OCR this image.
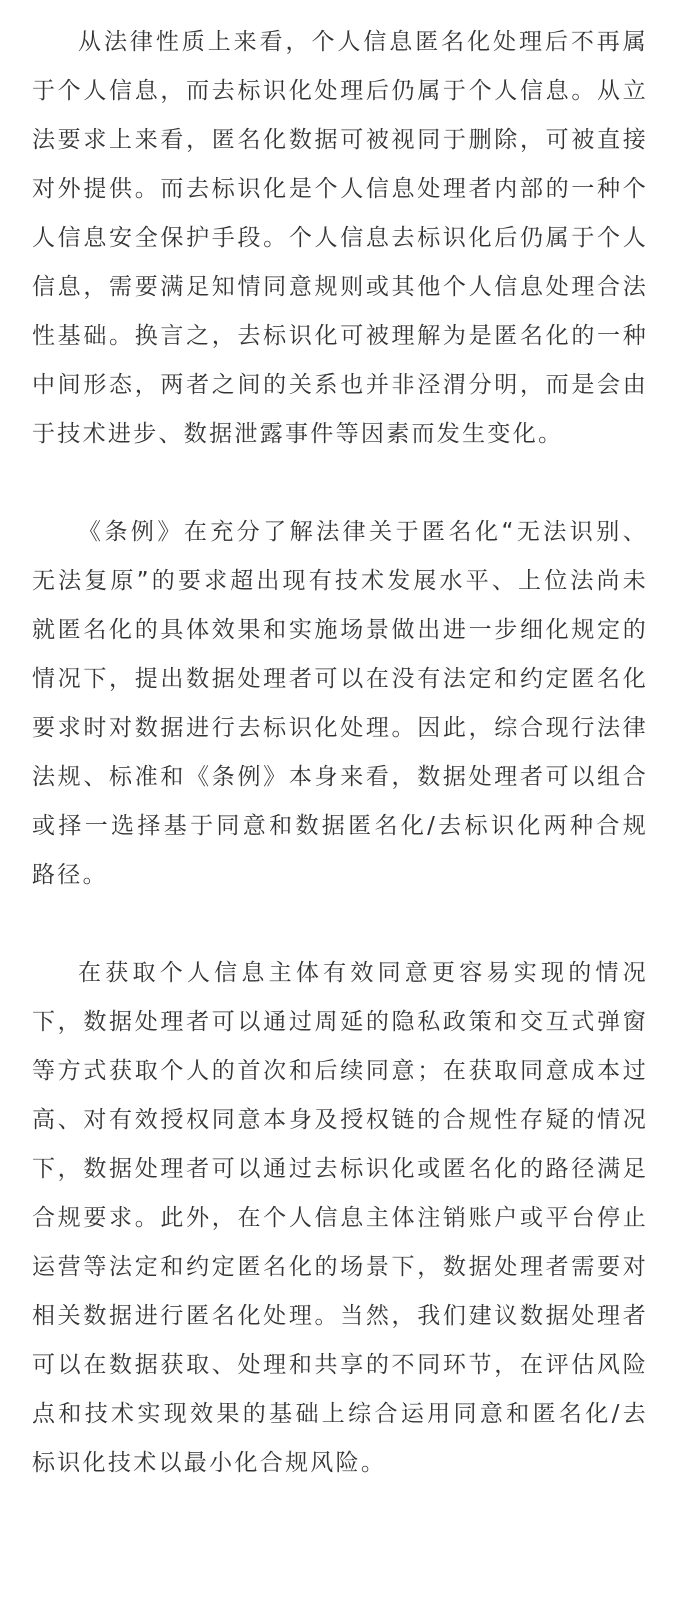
从法律性质上来看，个人信息匿名化处理后不再属于个人信息，而去标识化处理后仍属于个人信息。从立法要求上来看，匿名化数据可被视同于删除，可被直接对外提供。而去标识化是个人信息处理者内部的一种个人信息安全保护手段。个人信息去标识化后仍属于个人信息，需要满足知情同意规则或其他个人信息处理合法性基础。换言之，去标识化可被理解为是匿名化的一种中间形态，两者之间的关系也并非泾渭分明，而是会由于技术进步、数据泄露事件等因素而发生变化。

《条例》在充分了解法律关于匿名化“无法识别、无法复原”的要求超出现有技术发展水平、上位法尚未就匿名化的具体效果和实施场景做出进一步细化规定的情况下，提出数据处理者可以在没有法定和约定匿名化要求时对数据进行去标识化处理。因此，综合现行法律法规、标准和《条例》本身来看，数据处理者可以组合或择一选择基于同意和数据匿名化/去标识化两种合规路径。

在获取个人信息主体有效同意更容易实现的情况下，数据处理者可以通过周延的隐私政策和交互式弹窗等方式获取个人的首次和后续同意；在获取同意成本过高、对有效授权同意本身及授权链的合规性存疑的情况下，数据处理者可以通过去标识化或匿名化的路径满足合规要求。此外，在个人信息主体注销账户或平台停止运营等法定和约定匿名化的场景下，数据处理者需要对相关数据进行匿名化处理。当然，我们建议数据处理者可以在数据获取、处理和共享的不同环节，在评估风险点和技术实现效果的基础上综合运用同意和匿名化/去标识化技术以最小化合规风险。
